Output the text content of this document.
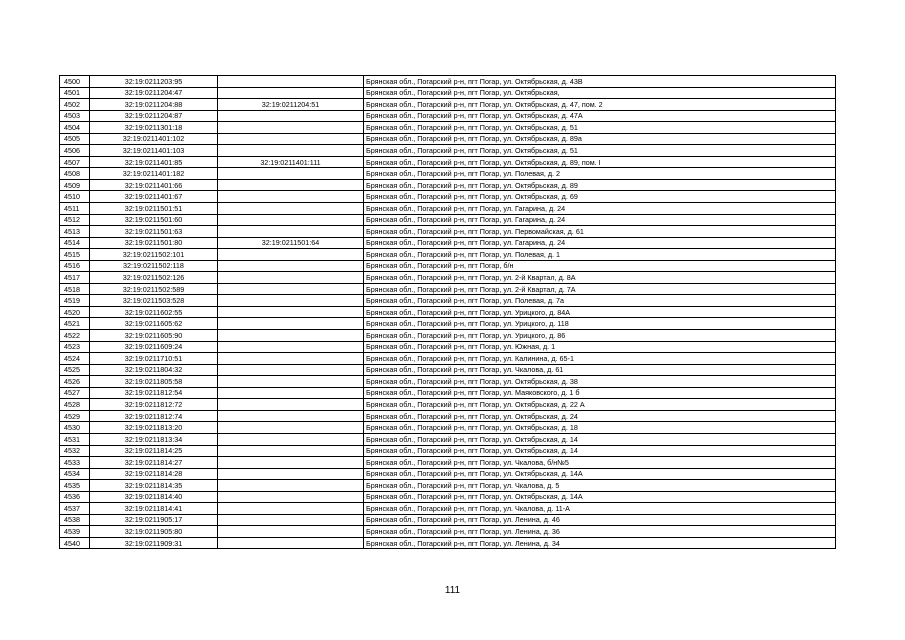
4500	32:19:0211203:95		Брянская обл., Погарский р-н, пгт Погар, ул. Октябрьская, д. 43В
4501	32:19:0211204:47		Брянская обл., Погарский р-н, пгт Погар, ул. Октябрьская,
4502	32:19:0211204:88	32:19:0211204:51	Брянская обл., Погарский р-н, пгт Погар, ул. Октябрьская, д. 47, пом. 2
4503	32:19:0211204:87		Брянская обл., Погарский р-н, пгт Погар, ул. Октябрьская, д. 47А
4504	32:19:0211301:18		Брянская обл., Погарский р-н, пгт Погар, ул. Октябрьская, д. 51
4505	32:19:0211401:102		Брянская обл., Погарский р-н, пгт Погар, ул. Октябрьская, д. 89а
4506	32:19:0211401:103		Брянская обл., Погарский р-н, пгт Погар, ул. Октябрьская, д. 51
4507	32:19:0211401:85	32:19:0211401:111	Брянская обл., Погарский р-н, пгт Погар, ул. Октябрьская, д. 89, пом. I
4508	32:19:0211401:182		Брянская обл., Погарский р-н, пгт Погар, ул. Полевая, д. 2
4509	32:19:0211401:66		Брянская обл., Погарский р-н, пгт Погар, ул. Октябрьская, д. 89
4510	32:19:0211401:67		Брянская обл., Погарский р-н, пгт Погар, ул. Октябрьская, д. 69
4511	32:19:0211501:51		Брянская обл., Погарский р-н, пгт Погар, ул. Гагарина, д. 24
4512	32:19:0211501:60		Брянская обл., Погарский р-н, пгт Погар, ул. Гагарина, д. 24
4513	32:19:0211501:63		Брянская обл., Погарский р-н, пгт Погар, ул. Первомайская, д. 61
4514	32:19:0211501:80	32:19:0211501:64	Брянская обл., Погарский р-н, пгт Погар, ул. Гагарина, д. 24
4515	32:19:0211502:101		Брянская обл., Погарский р-н, пгт Погар, ул. Полевая, д. 1
4516	32:19:0211502:118		Брянская обл., Погарский р-н, пгт Погар, б/н
4517	32:19:0211502:126		Брянская обл., Погарский р-н, пгт Погар, ул. 2-й Квартал, д. 8А
4518	32:19:0211502:589		Брянская обл., Погарский р-н, пгт Погар, ул. 2-й Квартал, д. 7А
4519	32:19:0211503:528		Брянская обл., Погарский р-н, пгт Погар, ул. Полевая, д. 7а
4520	32:19:0211602:55		Брянская обл., Погарский р-н, пгт Погар, ул. Урицкого, д. 84А
4521	32:19:0211605:62		Брянская обл., Погарский р-н, пгт Погар, ул. Урицкого, д. 118
4522	32:19:0211605:90		Брянская обл., Погарский р-н, пгт Погар, ул. Урицкого, д. 86
4523	32:19:0211609:24		Брянская обл., Погарский р-н, пгт Погар, ул. Южная, д. 1
4524	32:19:0211710:51		Брянская обл., Погарский р-н, пгт Погар, ул. Калинина, д. 65-1
4525	32:19:0211804:32		Брянская обл., Погарский р-н, пгт Погар, ул. Чкалова, д. 61
4526	32:19:0211805:58		Брянская обл., Погарский р-н, пгт Погар, ул. Октябрьская, д. 38
4527	32:19:0211812:54		Брянская обл., Погарский р-н, пгт Погар, ул. Маяковского, д. 1 б
4528	32:19:0211812:72		Брянская обл., Погарский р-н, пгт Погар, ул. Октябрьская, д. 22 А
4529	32:19:0211812:74		Брянская обл., Погарский р-н, пгт Погар, ул. Октябрьская, д. 24
4530	32:19:0211813:20		Брянская обл., Погарский р-н, пгт Погар, ул. Октябрьская, д. 18
4531	32:19:0211813:34		Брянская обл., Погарский р-н, пгт Погар, ул. Октябрьская, д. 14
4532	32:19:0211814:25		Брянская обл., Погарский р-н, пгт Погар, ул. Октябрьская, д. 14
4533	32:19:0211814:27		Брянская обл., Погарский р-н, пгт Погар, ул. Чкалова, б/н№5
4534	32:19:0211814:28		Брянская обл., Погарский р-н, пгт Погар, ул. Октябрьская, д. 14А
4535	32:19:0211814:35		Брянская обл., Погарский р-н, пгт Погар, ул. Чкалова, д. 5
4536	32:19:0211814:40		Брянская обл., Погарский р-н, пгт Погар, ул. Октябрьская, д. 14А
4537	32:19:0211814:41		Брянская обл., Погарский р-н, пгт Погар, ул. Чкалова, д. 11-А
4538	32:19:0211905:17		Брянская обл., Погарский р-н, пгт Погар, ул. Ленина, д. 46
4539	32:19:0211905:80		Брянская обл., Погарский р-н, пгт Погар, ул. Ленина, д. 36
4540	32:19:0211909:31		Брянская обл., Погарский р-н, пгт Погар, ул. Ленина, д. 34
111
